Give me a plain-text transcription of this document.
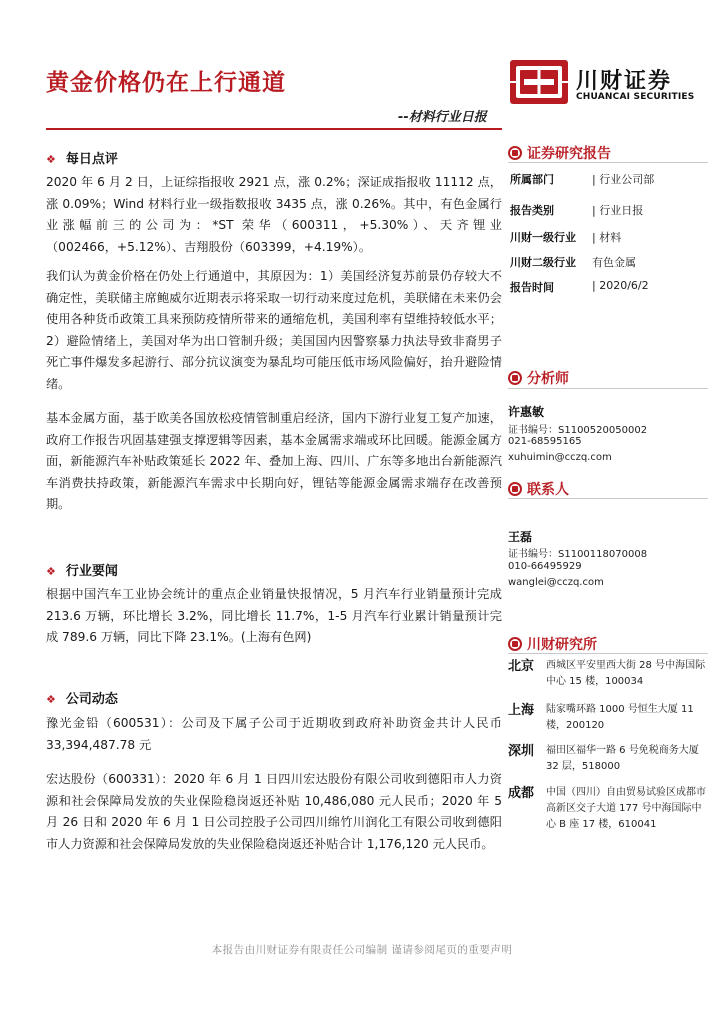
黄金价格仍在上行通道
--材料行业日报
川财证券
CHUANCAI SECURITIES
❖ 每日点评
2020 年 6 月 2 日，上证综指报收 2921 点，涨 0.2%；深证成指报收 11112 点，涨 0.09%；Wind 材料行业一级指数报收 3435 点，涨 0.26%。其中，有色金属行业涨幅前三的公司为：*ST 荣华（600311，+5.30%）、天齐锂业（002466，+5.12%）、吉翔股份（603399，+4.19%）。
我们认为黄金价格在仍处上行通道中，其原因为：1）美国经济复苏前景仍存较大不确定性，美联储主席鲍威尔近期表示将采取一切行动来度过危机，美联储在未来仍会使用各种货币政策工具来预防疫情所带来的通缩危机，美国利率有望维持较低水平；2）避险情绪上，美国对华为出口管制升级；美国国内因警察暴力执法导致非裔男子死亡事件爆发多起游行、部分抗议演变为暴乱均可能压低市场风险偏好，抬升避险情绪。
基本金属方面，基于欧美各国放松疫情管制重启经济，国内下游行业复工复产加速，政府工作报告巩固基建强支撑逻辑等因素，基本金属需求端或环比回暖。能源金属方面，新能源汽车补贴政策延长 2022 年、叠加上海、四川、广东等多地出台新能源汽车消费扶持政策，新能源汽车需求中长期向好，锂钴等能源金属需求端存在改善预期。
❖ 行业要闻
根据中国汽车工业协会统计的重点企业销量快报情况，5 月汽车行业销量预计完成 213.6 万辆，环比增长 3.2%，同比增长 11.7%，1-5 月汽车行业累计销量预计完成 789.6 万辆，同比下降 23.1%。(上海有色网)
❖ 公司动态
豫光金铅（600531）：公司及下属子公司于近期收到政府补助资金共计人民币 33,394,487.78 元
宏达股份（600331）：2020 年 6 月 1 日四川宏达股份有限公司收到德阳市人力资源和社会保障局发放的失业保险稳岗返还补贴 10,486,080 元人民币；2020 年 5 月 26 日和 2020 年 6 月 1 日公司控股子公司四川绵竹川润化工有限公司收到德阳市人力资源和社会保障局发放的失业保险稳岗返还补贴合计 1,176,120 元人民币。
证券研究报告
所属部门	| 行业公司部
报告类别	| 行业日报
川财一级行业	| 材料
川财二级行业	有色金属
报告时间	| 2020/6/2
分析师
许惠敏
证书编号：S1100520050002
021-68595165
xuhuimin@cczq.com
联系人
王磊
证书编号：S1100118070008
010-66495929
wanglei@cczq.com
川财研究所
北京 西城区平安里西大街 28 号中海国际中心 15 楼，100034
上海 陆家嘴环路 1000 号恒生大厦 11 楼，200120
深圳 福田区福华一路 6 号免税商务大厦 32 层，518000
成都 中国（四川）自由贸易试验区成都市高新区交子大道 177 号中海国际中心 B 座 17 楼，610041
本报告由川财证券有限责任公司编制 谨请参阅尾页的重要声明
